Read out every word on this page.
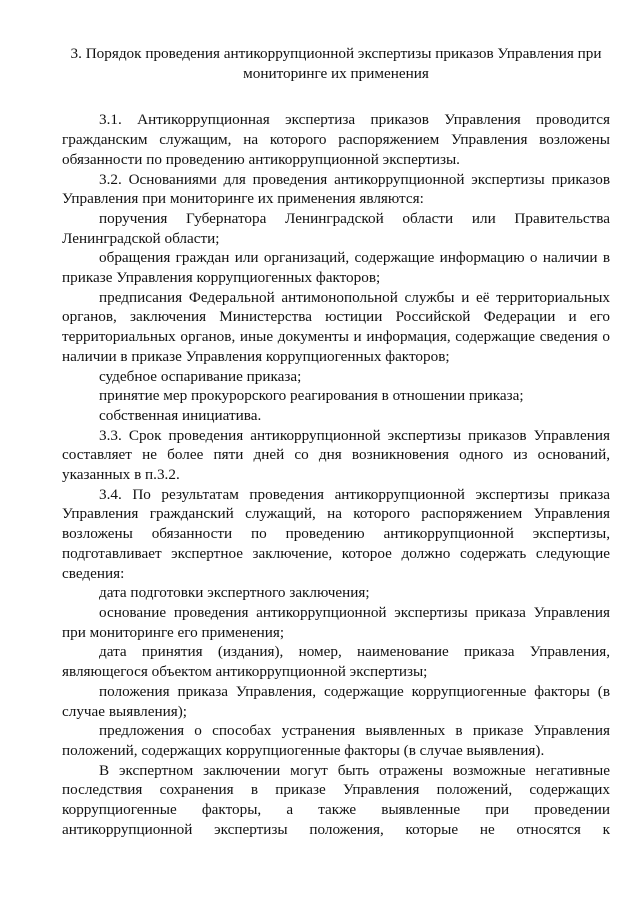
3. Порядок проведения антикоррупционной экспертизы приказов Управления при мониторинге их применения

3.1. Антикоррупционная экспертиза приказов Управления проводится гражданским служащим, на которого распоряжением Управления возложены обязанности по проведению антикоррупционной экспертизы.

3.2. Основаниями для проведения антикоррупционной экспертизы приказов Управления при мониторинге их применения являются:

поручения Губернатора Ленинградской области или Правительства Ленинградской области;

обращения граждан или организаций, содержащие информацию о наличии в приказе Управления коррупциогенных факторов;

предписания Федеральной антимонопольной службы и её территориальных органов, заключения Министерства юстиции Российской Федерации и его территориальных органов, иные документы и информация, содержащие сведения о наличии в приказе Управления коррупциогенных факторов;

судебное оспаривание приказа;

принятие мер прокурорского реагирования в отношении приказа;

собственная инициатива.

3.3. Срок проведения антикоррупционной экспертизы приказов Управления составляет не более пяти дней со дня возникновения одного из оснований, указанных в п.3.2.

3.4. По результатам проведения антикоррупционной экспертизы приказа Управления гражданский служащий, на которого распоряжением Управления возложены обязанности по проведению антикоррупционной экспертизы, подготавливает экспертное заключение, которое должно содержать следующие сведения:

дата подготовки экспертного заключения;

основание проведения антикоррупционной экспертизы приказа Управления при мониторинге его применения;

дата принятия (издания), номер, наименование приказа Управления, являющегося объектом антикоррупционной экспертизы;

положения приказа Управления, содержащие коррупциогенные факторы (в случае выявления);

предложения о способах устранения выявленных в приказе Управления положений, содержащих коррупциогенные факторы (в случае выявления).

В экспертном заключении могут быть отражены возможные негативные последствия сохранения в приказе Управления положений, содержащих коррупциогенные факторы, а также выявленные при проведении антикоррупционной экспертизы положения, которые не относятся к
